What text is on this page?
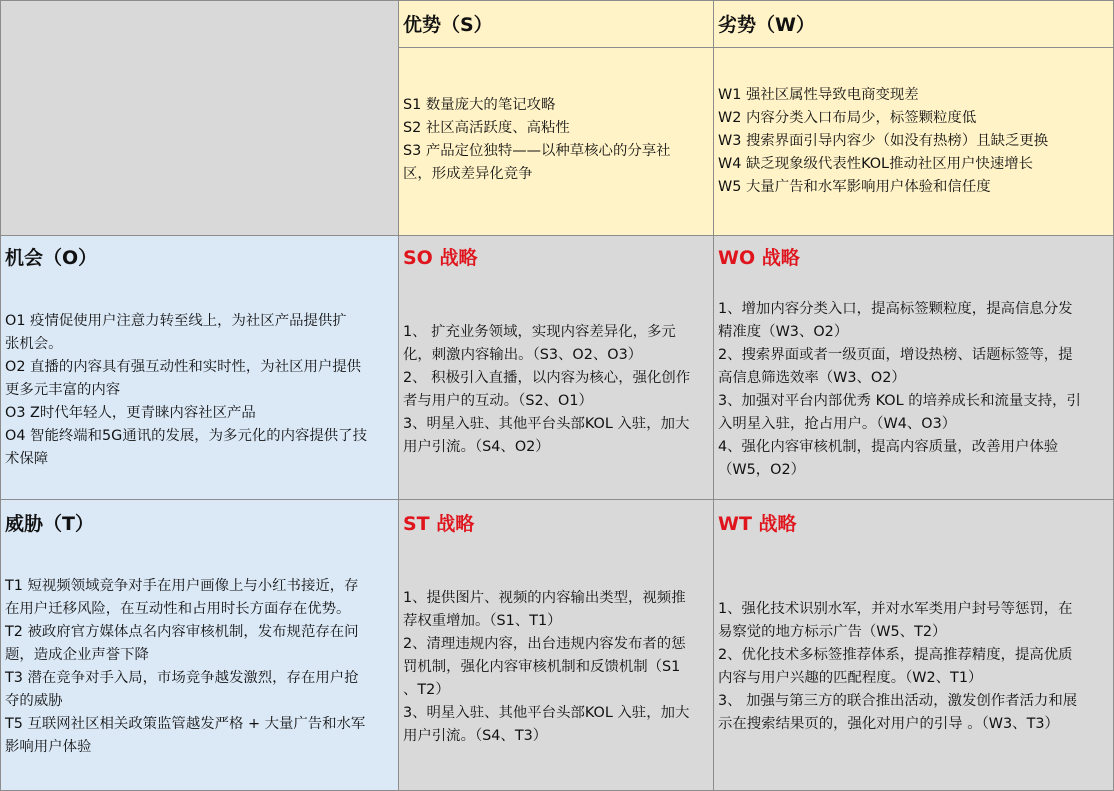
优势（S）	劣势（W）
S1 数量庞大的笔记攻略
S2 社区高活跃度、高粘性
S3 产品定位独特——以种草核心的分享社
区，形成差异化竞争
W1 强社区属性导致电商变现差
W2 内容分类入口布局少，标签颗粒度低
W3 搜索界面引导内容少（如没有热榜）且缺乏更换
W4 缺乏现象级代表性KOL推动社区用户快速增长
W5 大量广告和水军影响用户体验和信任度
机会（O）
O1 疫情促使用户注意力转至线上，为社区产品提供扩
张机会。
O2 直播的内容具有强互动性和实时性，为社区用户提供
更多元丰富的内容
O3 Z时代年轻人，更青睐内容社区产品
O4 智能终端和5G通讯的发展，为多元化的内容提供了技
术保障
SO 战略
1、 扩充业务领域，实现内容差异化，多元
化，刺激内容输出。（S3、O2、O3）
2、 积极引入直播，以内容为核心，强化创作
者与用户的互动。（S2、O1）
3、明星入驻、其他平台头部KOL 入驻，加大
用户引流。（S4、O2）
WO 战略
1、增加内容分类入口，提高标签颗粒度，提高信息分发
精准度（W3、O2）
2、搜索界面或者一级页面，增设热榜、话题标签等，提
高信息筛选效率（W3、O2）
3、加强对平台内部优秀 KOL 的培养成长和流量支持，引
入明星入驻，抢占用户。（W4、O3）
4、强化内容审核机制，提高内容质量，改善用户体验
（W5，O2）
威胁（T）
T1 短视频领域竞争对手在用户画像上与小红书接近，存
在用户迁移风险，在互动性和占用时长方面存在优势。
T2 被政府官方媒体点名内容审核机制，发布规范存在问
题，造成企业声誉下降
T3 潜在竞争对手入局，市场竞争越发激烈，存在用户抢
夺的威胁
T5 互联网社区相关政策监管越发严格 + 大量广告和水军
影响用户体验
ST 战略
1、提供图片、视频的内容输出类型，视频推
荐权重增加。（S1、T1）
2、清理违规内容，出台违规内容发布者的惩
罚机制，强化内容审核机制和反馈机制（S1
、T2）
3、明星入驻、其他平台头部KOL 入驻，加大
用户引流。（S4、T3）
WT 战略
1、强化技术识别水军，并对水军类用户封号等惩罚，在
易察觉的地方标示广告（W5、T2）
2、优化技术多标签推荐体系，提高推荐精度，提高优质
内容与用户兴趣的匹配程度。（W2、T1）
3、 加强与第三方的联合推出活动，激发创作者活力和展
示在搜索结果页的，强化对用户的引导 。（W3、T3）
